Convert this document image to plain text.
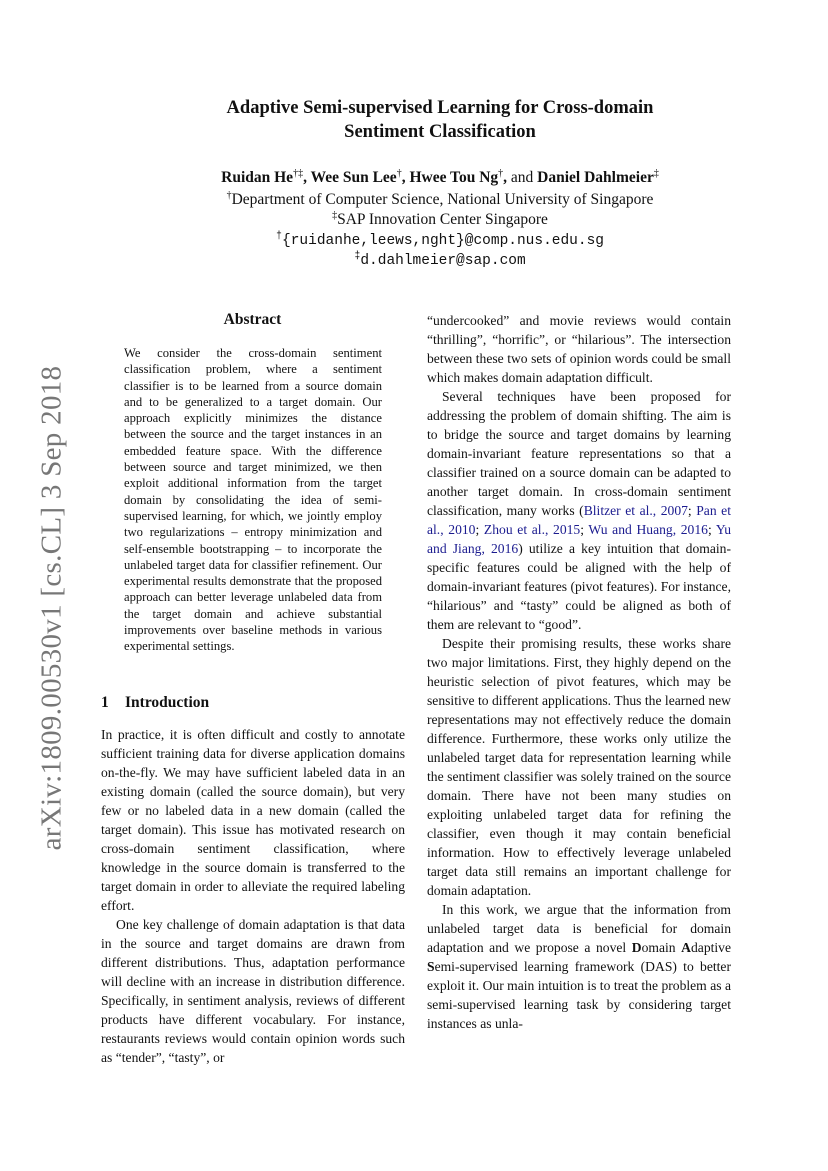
arXiv:1809.00530v1 [cs.CL] 3 Sep 2018
Adaptive Semi-supervised Learning for Cross-domain
Sentiment Classification
Ruidan He†‡, Wee Sun Lee†, Hwee Tou Ng†, and Daniel Dahlmeier‡
†Department of Computer Science, National University of Singapore
‡SAP Innovation Center Singapore
†{ruidanhe,leews,nght}@comp.nus.edu.sg
‡d.dahlmeier@sap.com
Abstract
We consider the cross-domain sentiment classification problem, where a sentiment classifier is to be learned from a source domain and to be generalized to a target domain. Our approach explicitly minimizes the distance between the source and the target instances in an embedded feature space. With the difference between source and target minimized, we then exploit additional information from the target domain by consolidating the idea of semi-supervised learning, for which, we jointly employ two regularizations – entropy minimization and self-ensemble bootstrapping – to incorporate the unlabeled target data for classifier refinement. Our experimental results demonstrate that the proposed approach can better leverage unlabeled data from the target domain and achieve substantial improvements over baseline methods in various experimental settings.
1 Introduction

In practice, it is often difficult and costly to annotate sufficient training data for diverse application domains on-the-fly. We may have sufficient labeled data in an existing domain (called the source domain), but very few or no labeled data in a new domain (called the target domain). This issue has motivated research on cross-domain sentiment classification, where knowledge in the source domain is transferred to the target domain in order to alleviate the required labeling effort.

One key challenge of domain adaptation is that data in the source and target domains are drawn from different distributions. Thus, adaptation performance will decline with an increase in distribution difference. Specifically, in sentiment analysis, reviews of different products have different vocabulary. For instance, restaurants reviews would contain opinion words such as “tender”, “tasty”, or

“undercooked” and movie reviews would contain “thrilling”, “horrific”, or “hilarious”. The intersection between these two sets of opinion words could be small which makes domain adaptation difficult.

Several techniques have been proposed for addressing the problem of domain shifting. The aim is to bridge the source and target domains by learning domain-invariant feature representations so that a classifier trained on a source domain can be adapted to another target domain. In cross-domain sentiment classification, many works (Blitzer et al., 2007; Pan et al., 2010; Zhou et al., 2015; Wu and Huang, 2016; Yu and Jiang, 2016) utilize a key intuition that domain-specific features could be aligned with the help of domain-invariant features (pivot features). For instance, “hilarious” and “tasty” could be aligned as both of them are relevant to “good”.

Despite their promising results, these works share two major limitations. First, they highly depend on the heuristic selection of pivot features, which may be sensitive to different applications. Thus the learned new representations may not effectively reduce the domain difference. Furthermore, these works only utilize the unlabeled target data for representation learning while the sentiment classifier was solely trained on the source domain. There have not been many studies on exploiting unlabeled target data for refining the classifier, even though it may contain beneficial information. How to effectively leverage unlabeled target data still remains an important challenge for domain adaptation.

In this work, we argue that the information from unlabeled target data is beneficial for domain adaptation and we propose a novel Domain Adaptive Semi-supervised learning framework (DAS) to better exploit it. Our main intuition is to treat the problem as a semi-supervised learning task by considering target instances as unla-
